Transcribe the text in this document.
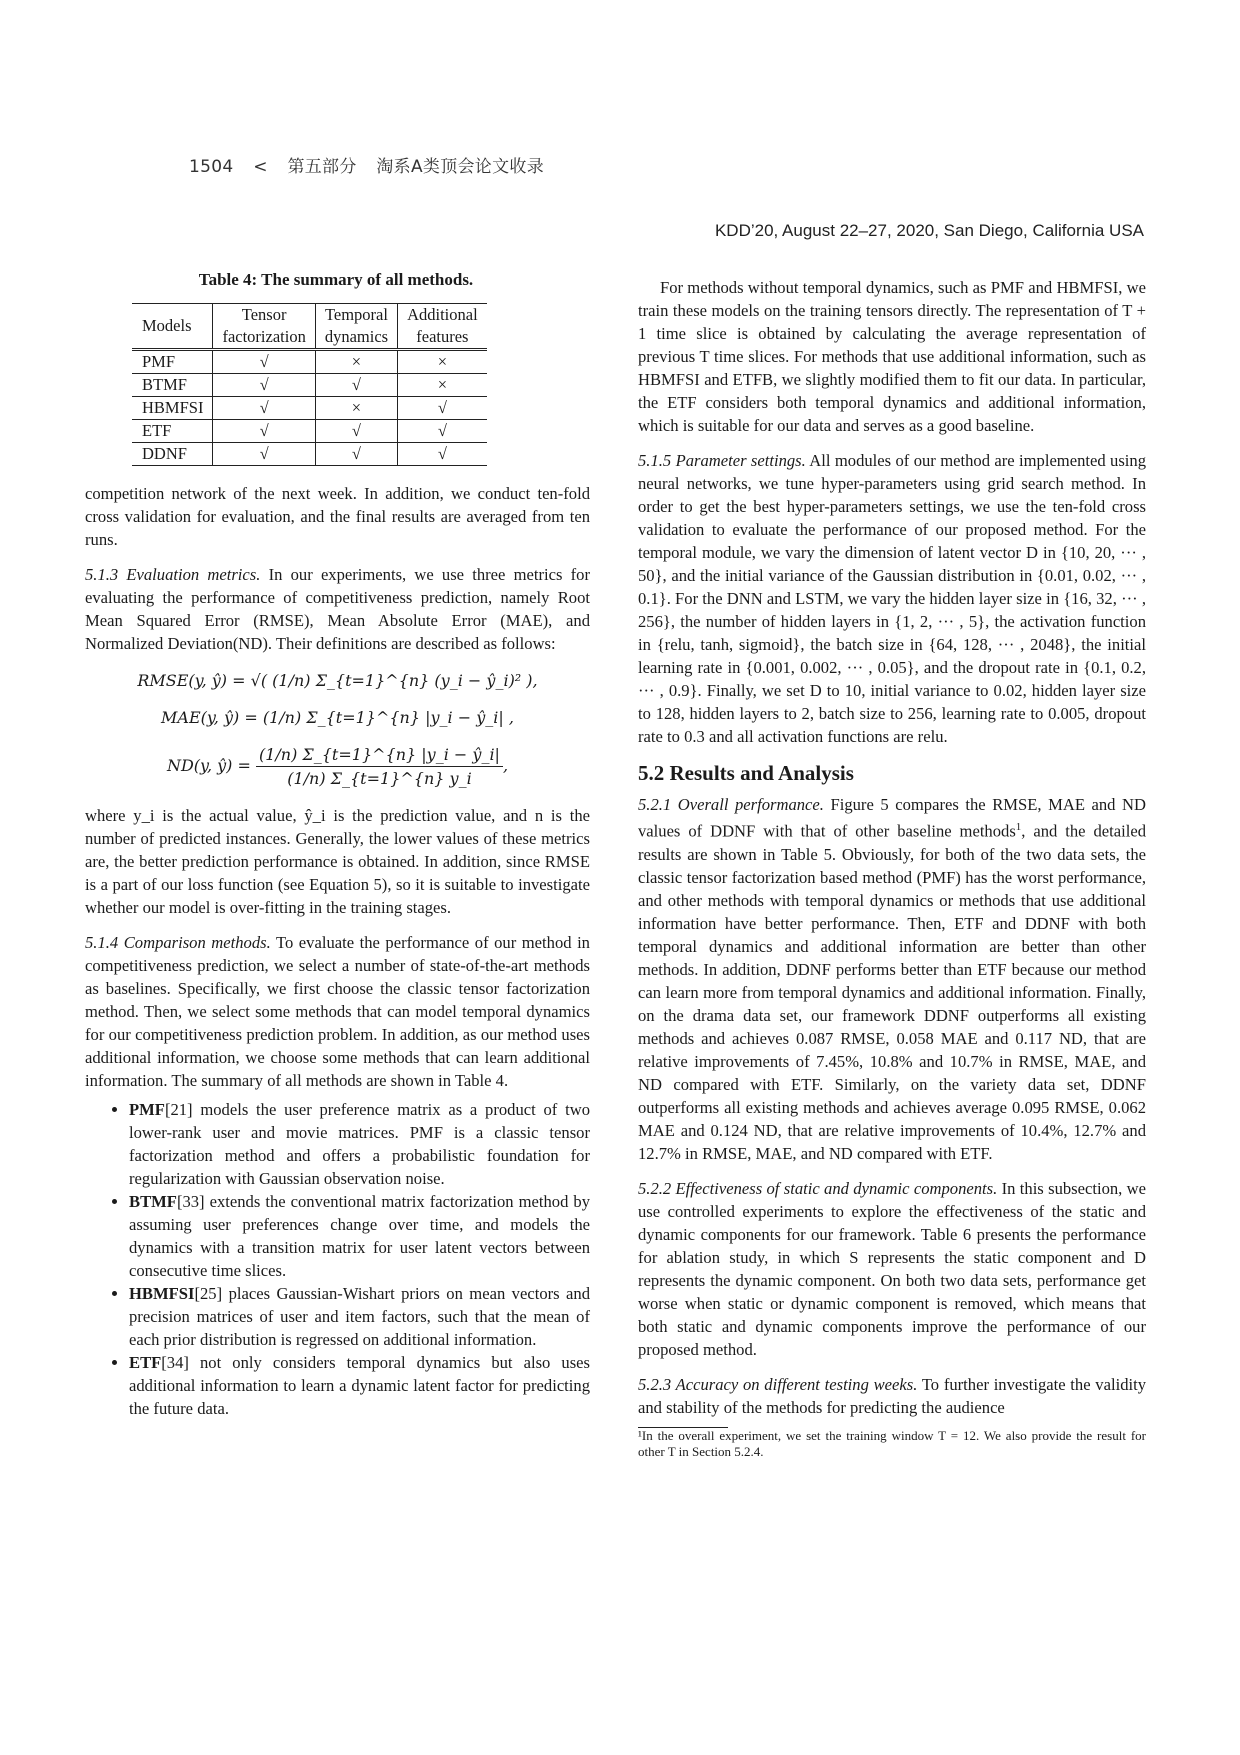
1504 < 第五部分 淘系A类顶会论文收录
KDD’20, August 22–27, 2020, San Diego, California USA
Table 4: The summary of all methods.
Models	Tensor	Temporal	Additional
	factorization	dynamics	features
PMF	√	×	×
BTMF	√	√	×
HBMFSI	√	×	√
ETF	√	√	√
DDNF	√	√	√

competition network of the next week. In addition, we conduct ten-fold cross validation for evaluation, and the final results are averaged from ten runs.

5.1.3 Evaluation metrics. In our experiments, we use three metrics for evaluating the performance of competitiveness prediction, namely Root Mean Squared Error (RMSE), Mean Absolute Error (MAE), and Normalized Deviation(ND). Their definitions are described as follows:

RMSE(y, ŷ) = √( (1/n) Σ_{t=1}^{n} (y_i − ŷ_i)² ),
MAE(y, ŷ) = (1/n) Σ_{t=1}^{n} |y_i − ŷ_i| ,
ND(y, ŷ) = $\frac{(1/n) \Sigma\_\{t=1\}\^{}\{n\} |y\_i - ŷ\_i|}{(1/n) \Sigma\_\{t=1\}\^{}\{n\} y\_i}$ ,

where y_i is the actual value, ŷ_i is the prediction value, and n is the number of predicted instances. Generally, the lower values of these metrics are, the better prediction performance is obtained. In addition, since RMSE is a part of our loss function (see Equation 5), so it is suitable to investigate whether our model is over-fitting in the training stages.

5.1.4 Comparison methods. To evaluate the performance of our method in competitiveness prediction, we select a number of state-of-the-art methods as baselines. Specifically, we first choose the classic tensor factorization method. Then, we select some methods that can model temporal dynamics for our competitiveness prediction problem. In addition, as our method uses additional information, we choose some methods that can learn additional information. The summary of all methods are shown in Table 4.

• PMF[21] models the user preference matrix as a product of two lower-rank user and movie matrices. PMF is a classic tensor factorization method and offers a probabilistic foundation for regularization with Gaussian observation noise.
• BTMF[33] extends the conventional matrix factorization method by assuming user preferences change over time, and models the dynamics with a transition matrix for user latent vectors between consecutive time slices.
• HBMFSI[25] places Gaussian-Wishart priors on mean vectors and precision matrices of user and item factors, such that the mean of each prior distribution is regressed on additional information.
• ETF[34] not only considers temporal dynamics but also uses additional information to learn a dynamic latent factor for predicting the future data.

For methods without temporal dynamics, such as PMF and HBMFSI, we train these models on the training tensors directly. The representation of T + 1 time slice is obtained by calculating the average representation of previous T time slices. For methods that use additional information, such as HBMFSI and ETFB, we slightly modified them to fit our data. In particular, the ETF considers both temporal dynamics and additional information, which is suitable for our data and serves as a good baseline.

5.1.5 Parameter settings. All modules of our method are implemented using neural networks, we tune hyper-parameters using grid search method. In order to get the best hyper-parameters settings, we use the ten-fold cross validation to evaluate the performance of our proposed method. For the temporal module, we vary the dimension of latent vector D in {10, 20, ··· , 50}, and the initial variance of the Gaussian distribution in {0.01, 0.02, ··· , 0.1}. For the DNN and LSTM, we vary the hidden layer size in {16, 32, ··· , 256}, the number of hidden layers in {1, 2, ··· , 5}, the activation function in {relu, tanh, sigmoid}, the batch size in {64, 128, ··· , 2048}, the initial learning rate in {0.001, 0.002, ··· , 0.05}, and the dropout rate in {0.1, 0.2, ··· , 0.9}. Finally, we set D to 10, initial variance to 0.02, hidden layer size to 128, hidden layers to 2, batch size to 256, learning rate to 0.005, dropout rate to 0.3 and all activation functions are relu.

5.2 Results and Analysis

5.2.1 Overall performance. Figure 5 compares the RMSE, MAE and ND values of DDNF with that of other baseline methods$^1$, and the detailed results are shown in Table 5. Obviously, for both of the two data sets, the classic tensor factorization based method (PMF) has the worst performance, and other methods with temporal dynamics or methods that use additional information have better performance. Then, ETF and DDNF with both temporal dynamics and additional information are better than other methods. In addition, DDNF performs better than ETF because our method can learn more from temporal dynamics and additional information. Finally, on the drama data set, our framework DDNF outperforms all existing methods and achieves 0.087 RMSE, 0.058 MAE and 0.117 ND, that are relative improvements of 7.45%, 10.8% and 10.7% in RMSE, MAE, and ND compared with ETF. Similarly, on the variety data set, DDNF outperforms all existing methods and achieves average 0.095 RMSE, 0.062 MAE and 0.124 ND, that are relative improvements of 10.4%, 12.7% and 12.7% in RMSE, MAE, and ND compared with ETF.

5.2.2 Effectiveness of static and dynamic components. In this subsection, we use controlled experiments to explore the effectiveness of the static and dynamic components for our framework. Table 6 presents the performance for ablation study, in which S represents the static component and D represents the dynamic component. On both two data sets, performance get worse when static or dynamic component is removed, which means that both static and dynamic components improve the performance of our proposed method.

5.2.3 Accuracy on different testing weeks. To further investigate the validity and stability of the methods for predicting the audience

¹In the overall experiment, we set the training window T = 12. We also provide the result for other T in Section 5.2.4.
